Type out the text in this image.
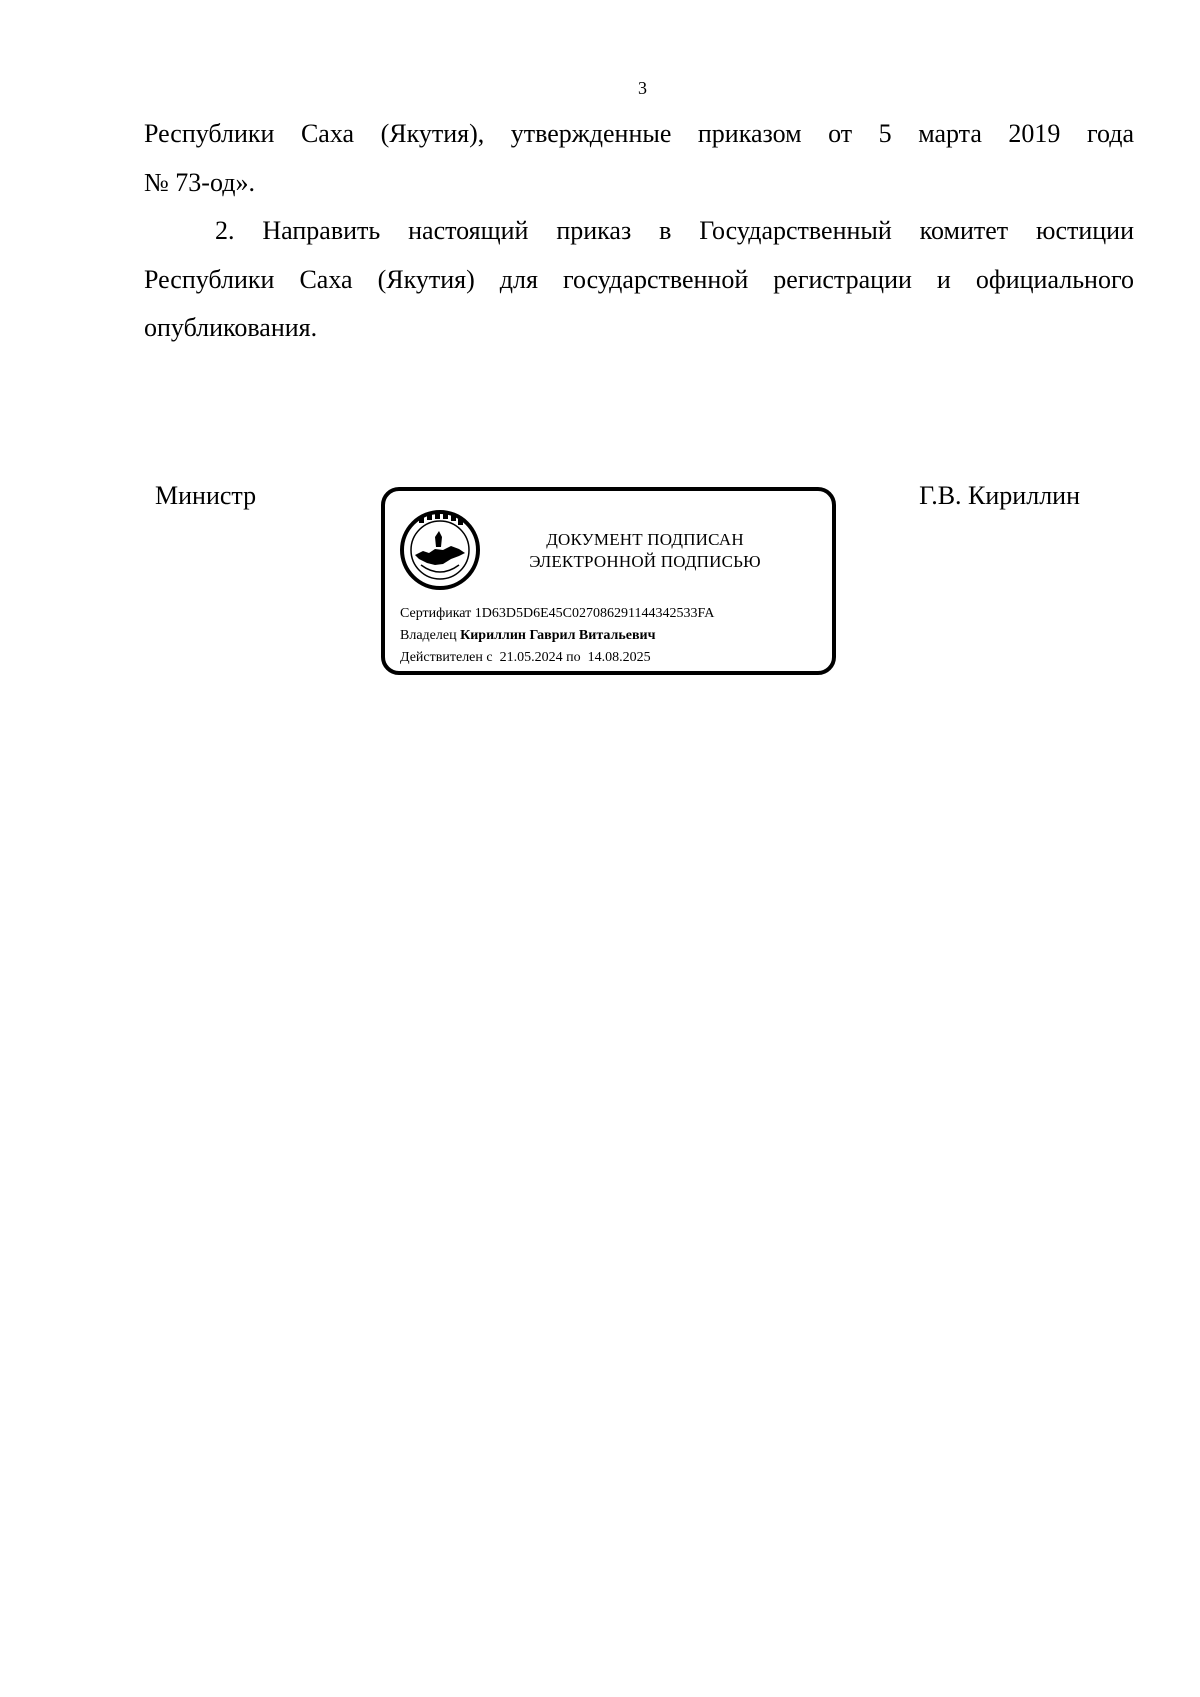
3

Республики Саха (Якутия), утвержденные приказом от 5 марта 2019 года
№ 73-од».

2. Направить настоящий приказ в Государственный комитет юстиции
Республики Саха (Якутия) для государственной регистрации и официального
опубликования.

Министр	Г.В. Кириллин
ДОКУМЕНТ ПОДПИСАН
ЭЛЕКТРОННОЙ ПОДПИСЬЮ
Сертификат 1D63D5D6E45C027086291144342533FA
Владелец Кириллин Гаврил Витальевич
Действителен с 21.05.2024 по 14.08.2025
